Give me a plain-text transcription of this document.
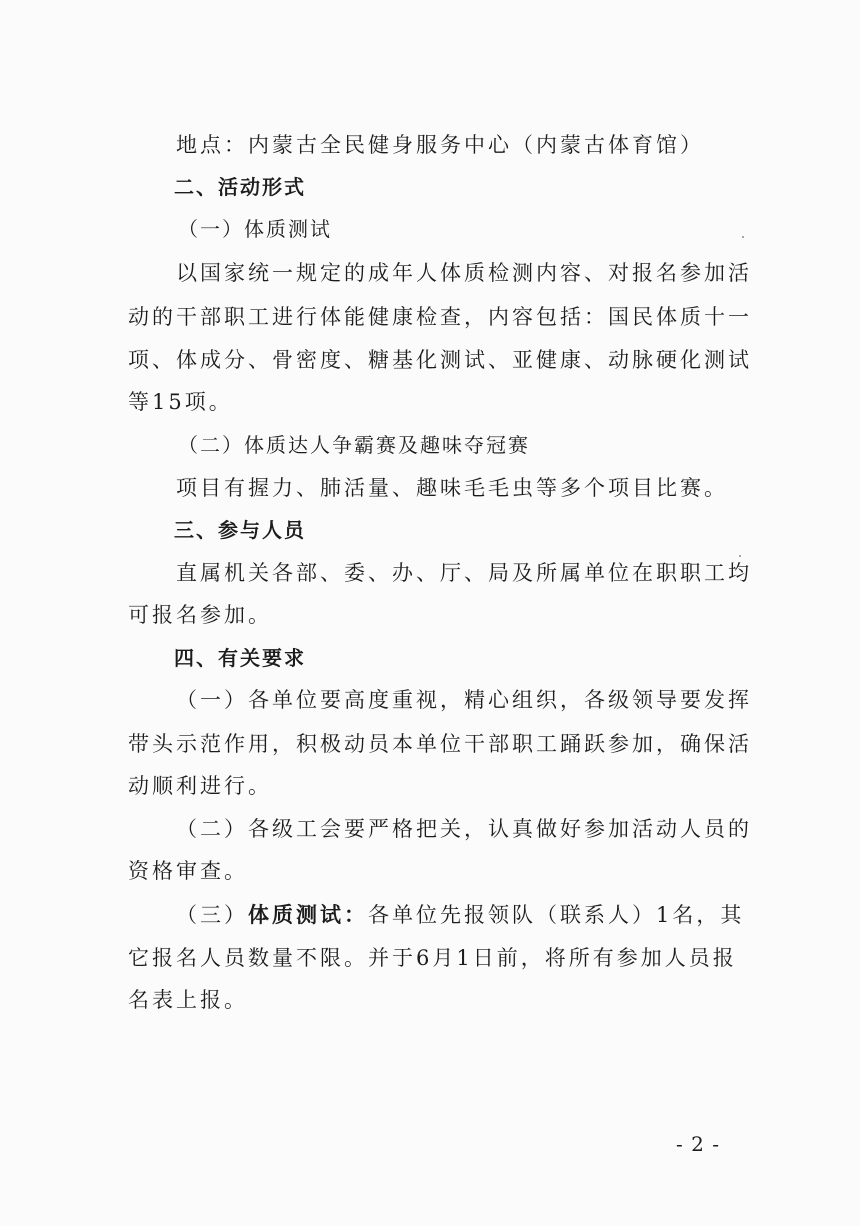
地点：内蒙古全民健身服务中心（内蒙古体育馆）
二、活动形式
（一）体质测试
以国家统一规定的成年人体质检测内容、对报名参加活
动的干部职工进行体能健康检查，内容包括：国民体质十一
项、体成分、骨密度、糖基化测试、亚健康、动脉硬化测试
等15项。
（二）体质达人争霸赛及趣味夺冠赛
项目有握力、肺活量、趣味毛毛虫等多个项目比赛。
三、参与人员
直属机关各部、委、办、厅、局及所属单位在职职工均
可报名参加。
四、有关要求
（一）各单位要高度重视，精心组织，各级领导要发挥
带头示范作用，积极动员本单位干部职工踊跃参加，确保活
动顺利进行。
（二）各级工会要严格把关，认真做好参加活动人员的
资格审查。
（三）体质测试：各单位先报领队（联系人）1名，其
它报名人员数量不限。并于6月1日前，将所有参加人员报
名表上报。
- 2 -
